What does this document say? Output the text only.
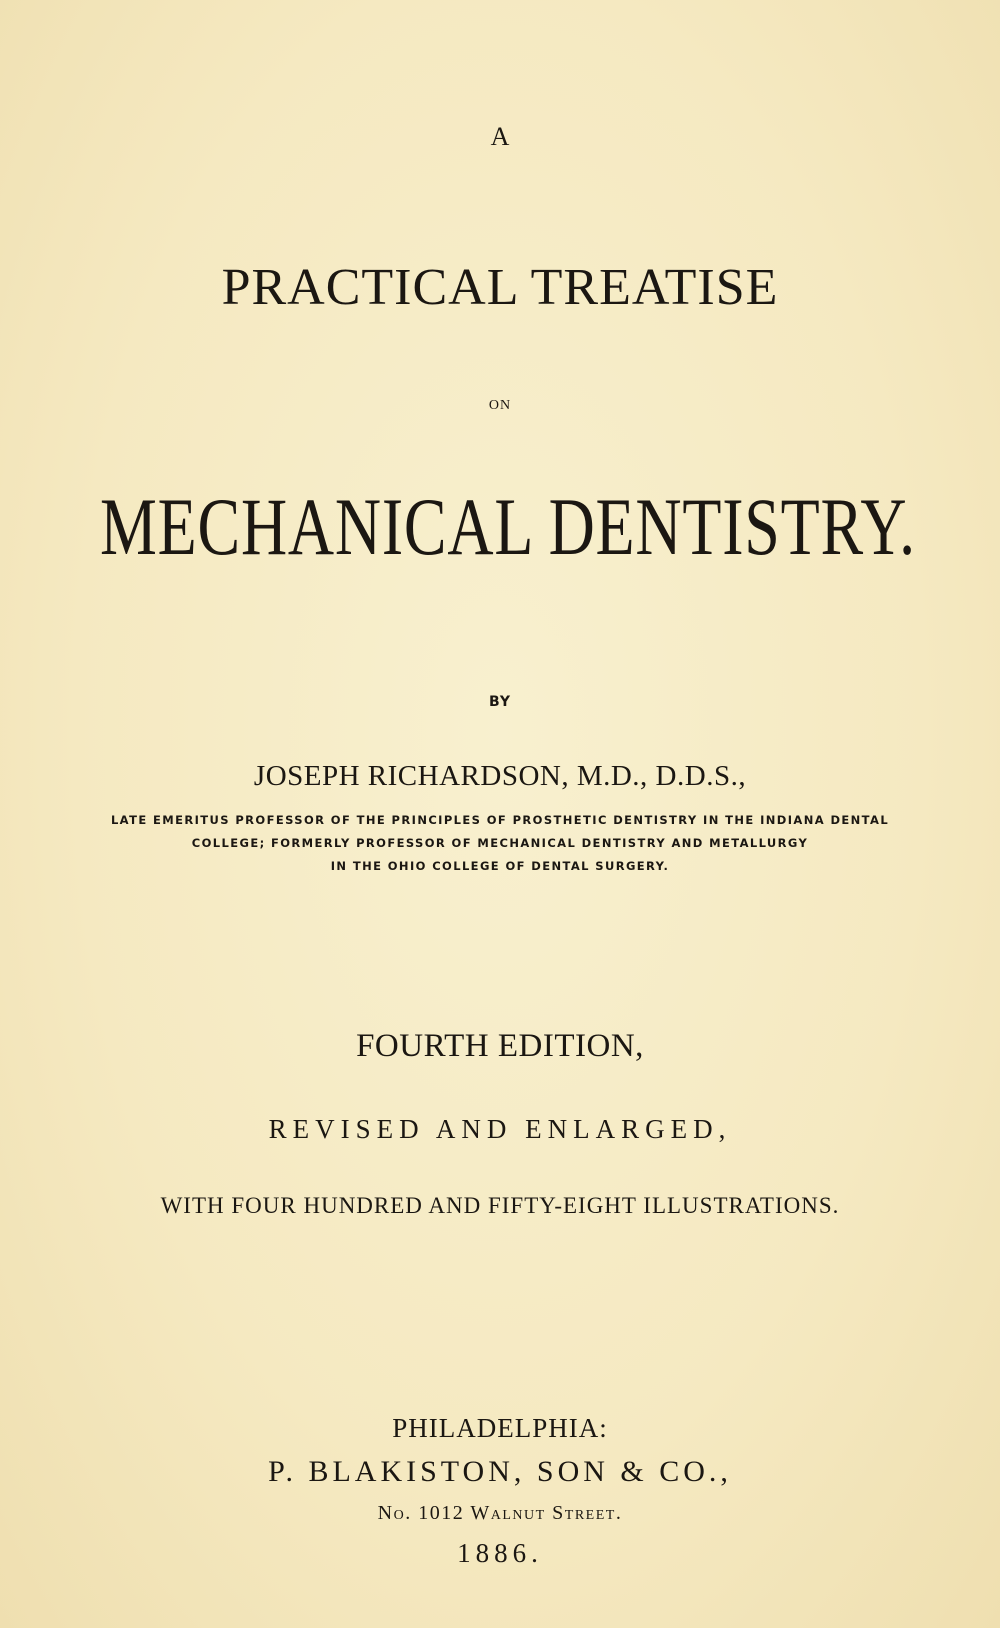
A
PRACTICAL TREATISE
ON
MECHANICAL DENTISTRY.
BY
JOSEPH RICHARDSON, M.D., D.D.S.,
LATE EMERITUS PROFESSOR OF THE PRINCIPLES OF PROSTHETIC DENTISTRY IN THE INDIANA DENTAL
COLLEGE; FORMERLY PROFESSOR OF MECHANICAL DENTISTRY AND METALLURGY
IN THE OHIO COLLEGE OF DENTAL SURGERY.
FOURTH EDITION,
REVISED AND ENLARGED,
WITH FOUR HUNDRED AND FIFTY-EIGHT ILLUSTRATIONS.
PHILADELPHIA:
P. BLAKISTON, SON & CO.,
No. 1012 Walnut Street.
1886.
